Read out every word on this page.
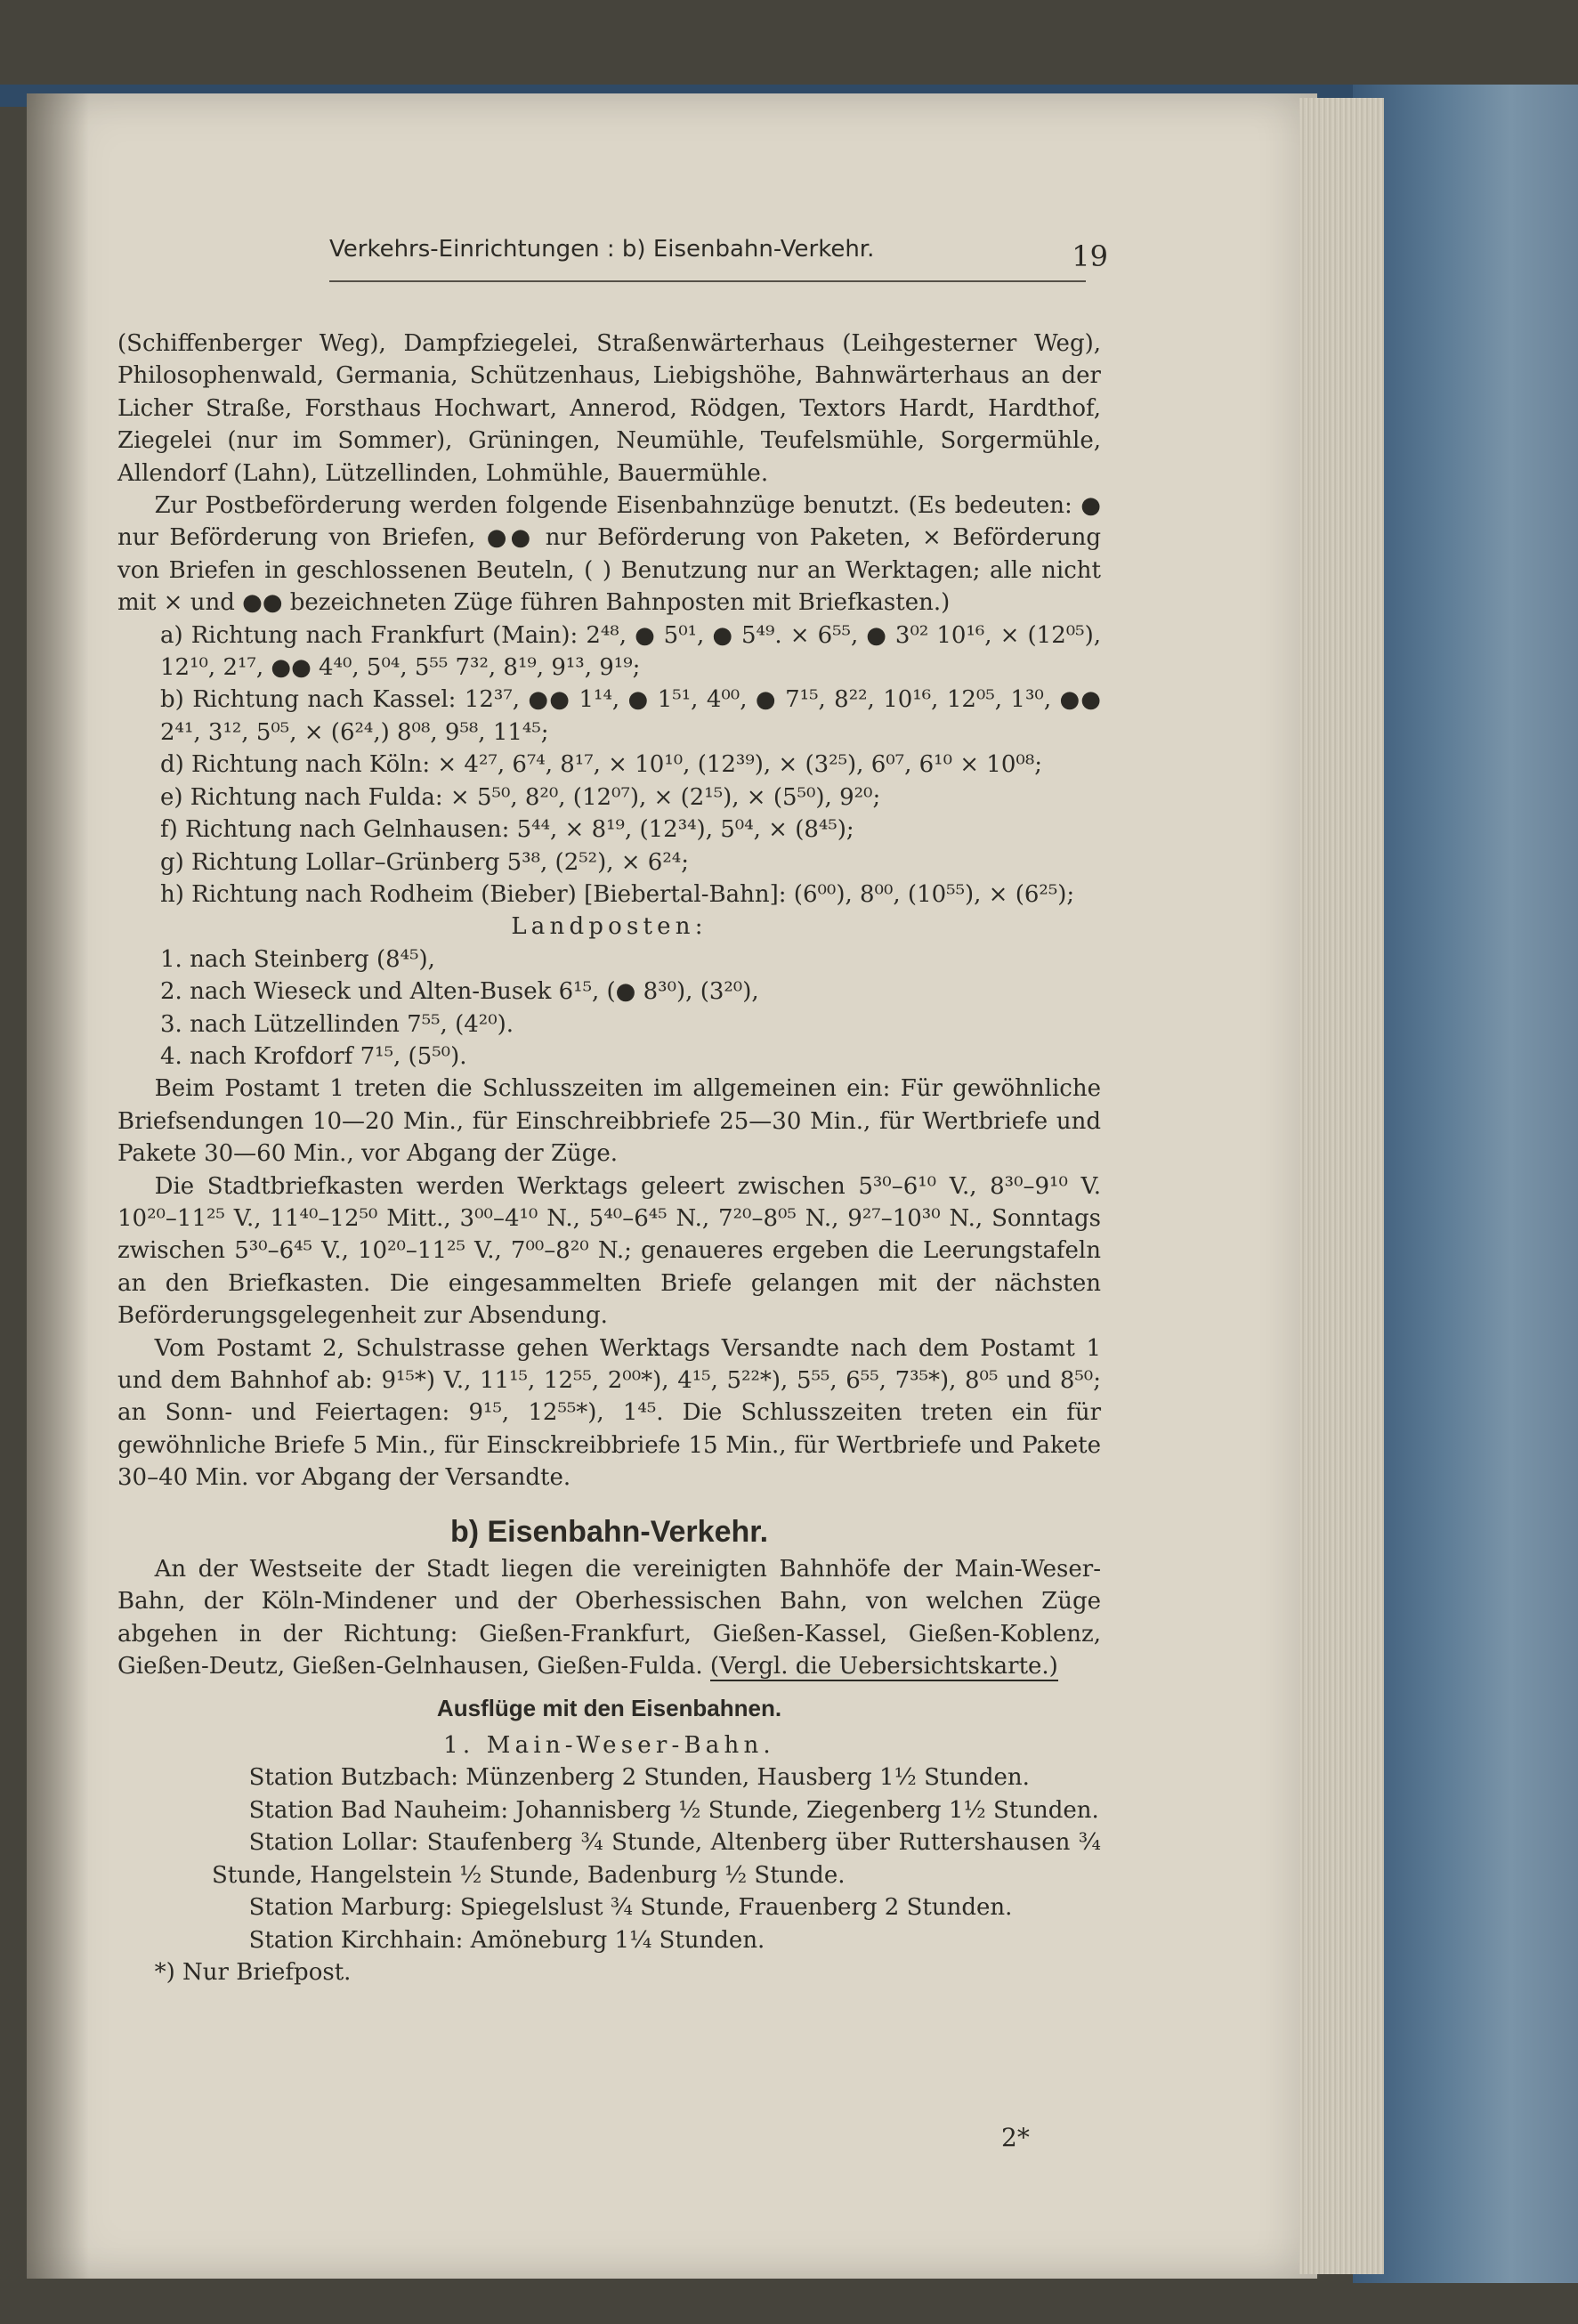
Verkehrs-Einrichtungen : b) Eisenbahn-Verkehr.	19

(Schiffenberger Weg), Dampfziegelei, Straßenwärterhaus (Leihgesterner Weg), Philosophenwald, Germania, Schützenhaus, Liebigshöhe, Bahnwärterhaus an der Licher Straße, Forsthaus Hochwart, Annerod, Rödgen, Textors Hardt, Hardthof, Ziegelei (nur im Sommer), Grüningen, Neumühle, Teufelsmühle, Sorgermühle, Allendorf (Lahn), Lützellinden, Lohmühle, Bauermühle.

Zur Postbeförderung werden folgende Eisenbahnzüge benutzt. (Es bedeuten: ● nur Beförderung von Briefen, ●● nur Beförderung von Paketen, × Beförderung von Briefen in geschlossenen Beuteln, ( ) Benutzung nur an Werktagen; alle nicht mit × und ●● bezeichneten Züge führen Bahnposten mit Briefkasten.)

a) Richtung nach Frankfurt (Main): 2⁴⁸, ● 5⁰¹, ● 5⁴⁹. × 6⁵⁵, ● 3⁰² 10¹⁶, × (12⁰⁵), 12¹⁰, 2¹⁷, ●● 4⁴⁰, 5⁰⁴, 5⁵⁵ 7³², 8¹⁹, 9¹³, 9¹⁹;

b) Richtung nach Kassel: 12³⁷, ●● 1¹⁴, ● 1⁵¹, 4⁰⁰, ● 7¹⁵, 8²², 10¹⁶, 12⁰⁵, 1³⁰, ●● 2⁴¹, 3¹², 5⁰⁵, × (6²⁴,) 8⁰⁸, 9⁵⁸, 11⁴⁵;

d) Richtung nach Köln: × 4²⁷, 6⁷⁴, 8¹⁷, × 10¹⁰, (12³⁹), × (3²⁵), 6⁰⁷, 6¹⁰ × 10⁰⁸;

e) Richtung nach Fulda: × 5⁵⁰, 8²⁰, (12⁰⁷), × (2¹⁵), × (5⁵⁰), 9²⁰;

f) Richtung nach Gelnhausen: 5⁴⁴, × 8¹⁹, (12³⁴), 5⁰⁴, × (8⁴⁵);

g) Richtung Lollar–Grünberg 5³⁸, (2⁵²), × 6²⁴;

h) Richtung nach Rodheim (Bieber) [Biebertal-Bahn]: (6⁰⁰), 8⁰⁰, (10⁵⁵), × (6²⁵);

Landposten:

1. nach Steinberg (8⁴⁵),

2. nach Wieseck und Alten-Busek 6¹⁵, (● 8³⁰), (3²⁰),

3. nach Lützellinden 7⁵⁵, (4²⁰).

4. nach Krofdorf 7¹⁵, (5⁵⁰).

Beim Postamt 1 treten die Schlusszeiten im allgemeinen ein: Für gewöhnliche Briefsendungen 10—20 Min., für Einschreibbriefe 25—30 Min., für Wertbriefe und Pakete 30—60 Min., vor Abgang der Züge.

Die Stadtbriefkasten werden Werktags geleert zwischen 5³⁰–6¹⁰ V., 8³⁰–9¹⁰ V. 10²⁰–11²⁵ V., 11⁴⁰–12⁵⁰ Mitt., 3⁰⁰–4¹⁰ N., 5⁴⁰–6⁴⁵ N., 7²⁰–8⁰⁵ N., 9²⁷–10³⁰ N., Sonntags zwischen 5³⁰–6⁴⁵ V., 10²⁰–11²⁵ V., 7⁰⁰–8²⁰ N.; genaueres ergeben die Leerungstafeln an den Briefkasten. Die eingesammelten Briefe gelangen mit der nächsten Beförderungsgelegenheit zur Absendung.

Vom Postamt 2, Schulstrasse gehen Werktags Versandte nach dem Postamt 1 und dem Bahnhof ab: 9¹⁵*) V., 11¹⁵, 12⁵⁵, 2⁰⁰*), 4¹⁵, 5²²*), 5⁵⁵, 6⁵⁵, 7³⁵*), 8⁰⁵ und 8⁵⁰; an Sonn- und Feiertagen: 9¹⁵, 12⁵⁵*), 1⁴⁵. Die Schlusszeiten treten ein für gewöhnliche Briefe 5 Min., für Einsckreibbriefe 15 Min., für Wertbriefe und Pakete 30–40 Min. vor Abgang der Versandte.

b) Eisenbahn-Verkehr.

An der Westseite der Stadt liegen die vereinigten Bahnhöfe der Main-Weser-Bahn, der Köln-Mindener und der Oberhessischen Bahn, von welchen Züge abgehen in der Richtung: Gießen-Frankfurt, Gießen-Kassel, Gießen-Koblenz, Gießen-Deutz, Gießen-Gelnhausen, Gießen-Fulda. (Vergl. die Uebersichtskarte.)

Ausflüge mit den Eisenbahnen.

1. Main-Weser-Bahn.

Station Butzbach: Münzenberg 2 Stunden, Hausberg 1½ Stunden.

Station Bad Nauheim: Johannisberg ½ Stunde, Ziegenberg 1½ Stunden.

Station Lollar: Staufenberg ¾ Stunde, Altenberg über Ruttershausen ¾ Stunde, Hangelstein ½ Stunde, Badenburg ½ Stunde.

Station Marburg: Spiegelslust ¾ Stunde, Frauenberg 2 Stunden.

Station Kirchhain: Amöneburg 1¼ Stunden.

*) Nur Briefpost.

2*
